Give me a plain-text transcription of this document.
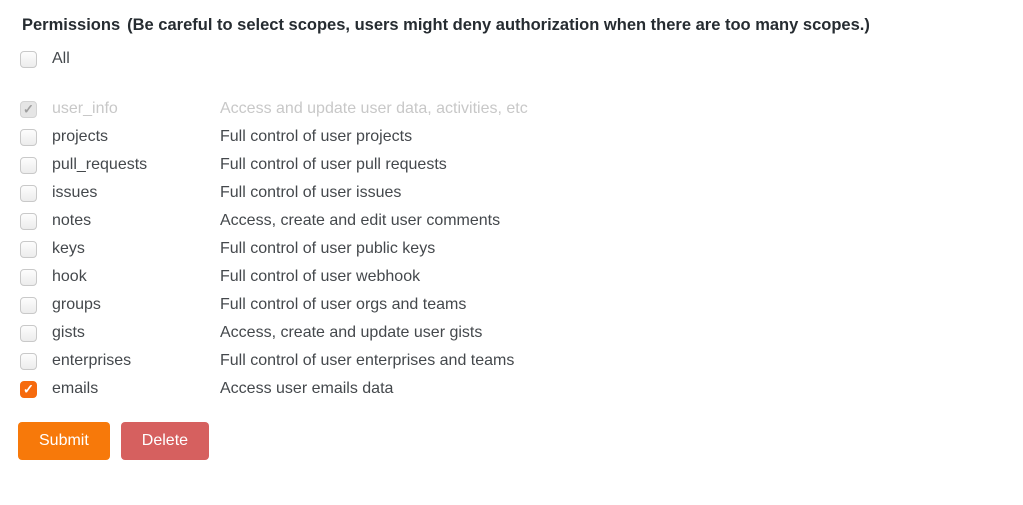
Permissions (Be careful to select scopes, users might deny authorization when there are too many scopes.)
All
✓ user_info	Access and update user data, activities, etc
projects	Full control of user projects
pull_requests	Full control of user pull requests
issues	Full control of user issues
notes	Access, create and edit user comments
keys	Full control of user public keys
hook	Full control of user webhook
groups	Full control of user orgs and teams
gists	Access, create and update user gists
enterprises	Full control of user enterprises and teams
✓ emails	Access user emails data
Submit	Delete
